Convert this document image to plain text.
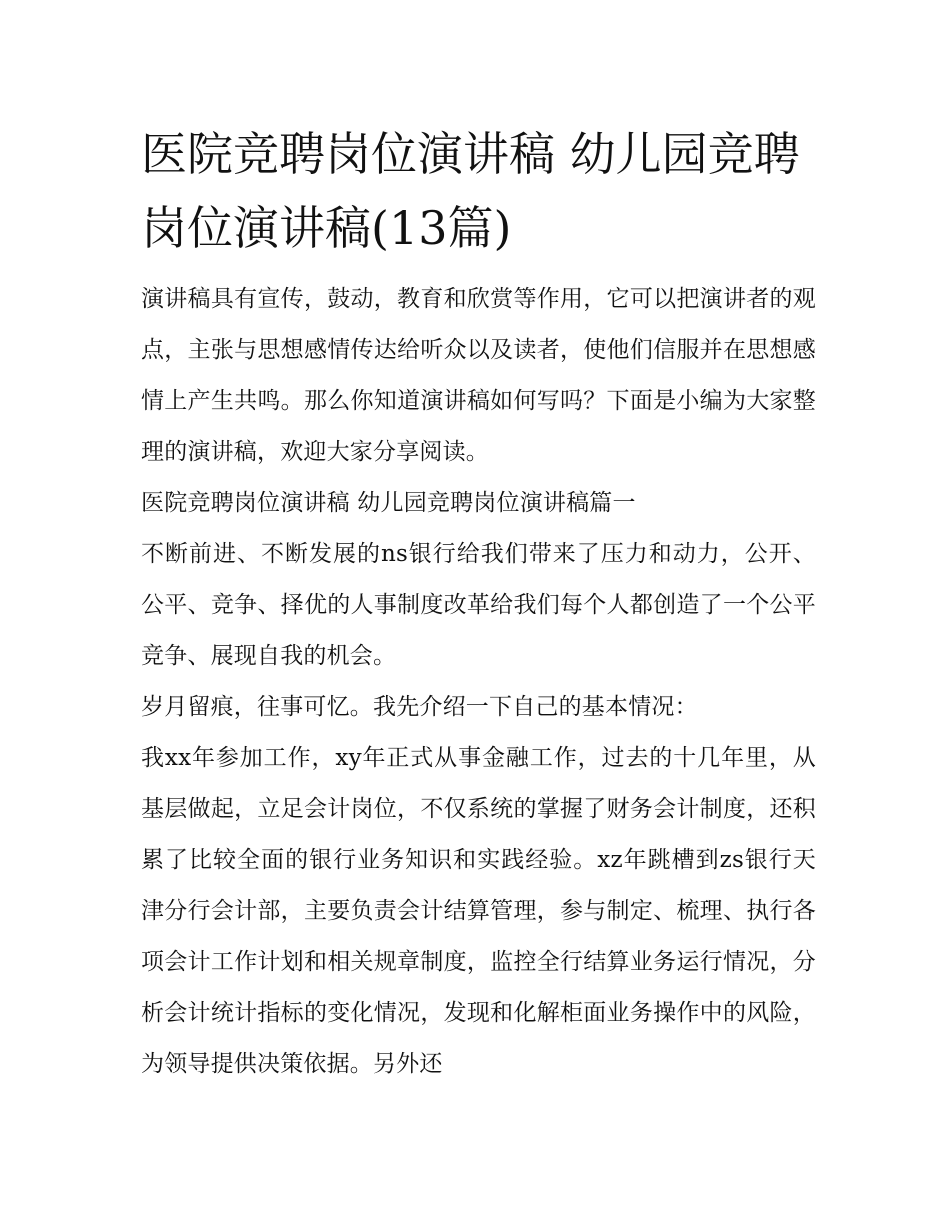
医院竞聘岗位演讲稿 幼儿园竞聘岗位演讲稿(13篇)

演讲稿具有宣传，鼓动，教育和欣赏等作用，它可以把演讲者的观点，主张与思想感情传达给听众以及读者，使他们信服并在思想感情上产生共鸣。那么你知道演讲稿如何写吗？下面是小编为大家整理的演讲稿，欢迎大家分享阅读。

医院竞聘岗位演讲稿 幼儿园竞聘岗位演讲稿篇一

不断前进、不断发展的ns银行给我们带来了压力和动力，公开、公平、竞争、择优的人事制度改革给我们每个人都创造了一个公平竞争、展现自我的机会。

岁月留痕，往事可忆。我先介绍一下自己的基本情况：

我xx年参加工作，xy年正式从事金融工作，过去的十几年里，从基层做起，立足会计岗位，不仅系统的掌握了财务会计制度，还积累了比较全面的银行业务知识和实践经验。xz年跳槽到zs银行天津分行会计部，主要负责会计结算管理，参与制定、梳理、执行各项会计工作计划和相关规章制度，监控全行结算业务运行情况，分析会计统计指标的变化情况，发现和化解柜面业务操作中的风险，为领导提供决策依据。另外还
